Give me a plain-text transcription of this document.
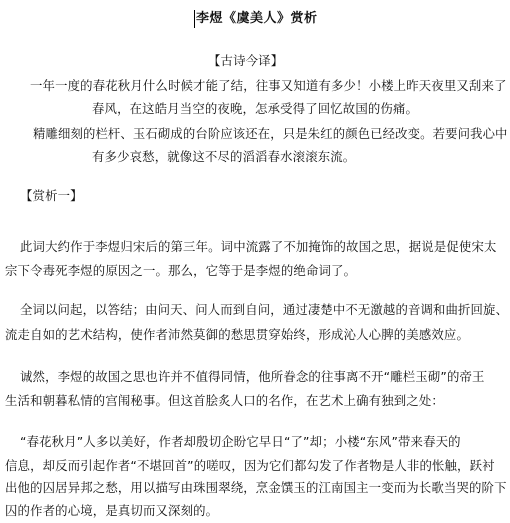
李煜《虞美人》赏析
【古诗今译】
一年一度的春花秋月什么时候才能了结，往事又知道有多少！小楼上昨天夜里又刮来了
春风，在这皓月当空的夜晚，怎承受得了回忆故国的伤痛。
精雕细刻的栏杆、玉石砌成的台阶应该还在，只是朱红的颜色已经改变。若要问我心中
有多少哀愁，就像这不尽的滔滔春水滚滚东流。
【赏析一】
此词大约作于李煜归宋后的第三年。词中流露了不加掩饰的故国之思，据说是促使宋太
宗下令毒死李煜的原因之一。那么，它等于是李煜的绝命词了。
全词以问起，以答结；由问天、问人而到自问，通过凄楚中不无激越的音调和曲折回旋、
流走自如的艺术结构，使作者沛然莫御的愁思贯穿始终，形成沁人心脾的美感效应。
诚然，李煜的故国之思也许并不值得同情，他所眷念的往事离不开“雕栏玉砌”的帝王
生活和朝暮私情的宫闱秘事。但这首脍炙人口的名作，在艺术上确有独到之处：
“春花秋月”人多以美好，作者却殷切企盼它早日“了”却；小楼“东风”带来春天的
信息，却反而引起作者“不堪回首”的嗟叹，因为它们都勾发了作者物是人非的怅触，跃衬
出他的囚居异邦之愁，用以描写由珠围翠绕，烹金馔玉的江南国主一变而为长歌当哭的阶下
囚的作者的心境，是真切而又深刻的。
